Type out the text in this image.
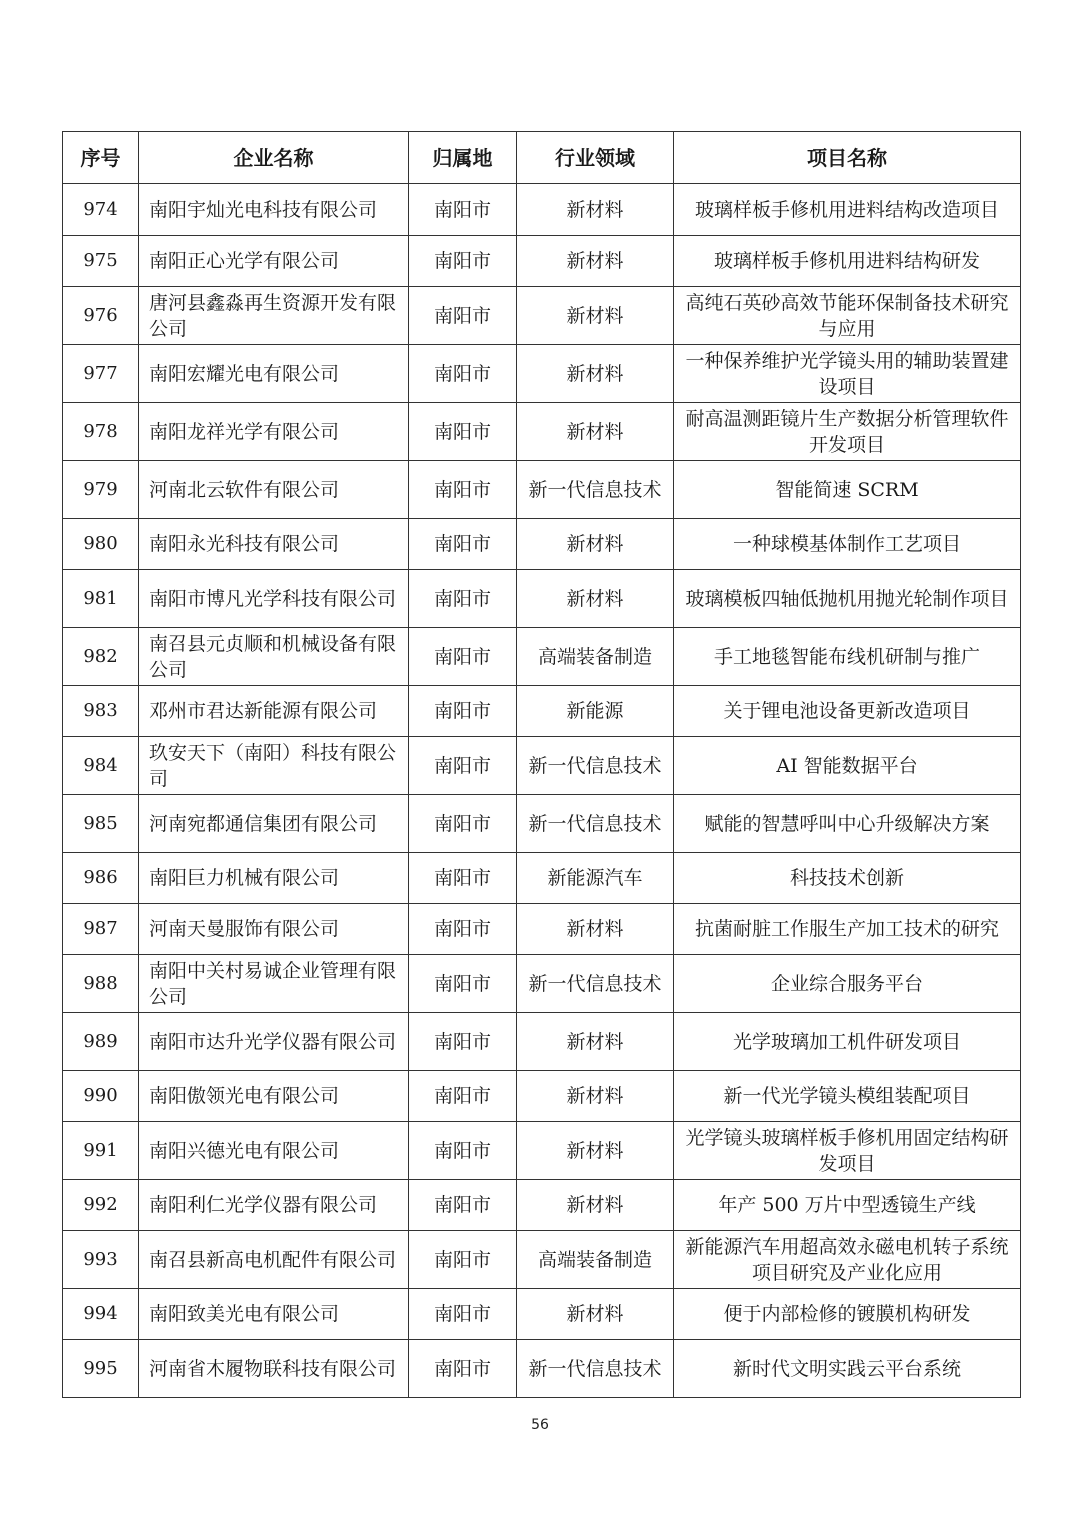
序号	企业名称	归属地	行业领域	项目名称
974	南阳宇灿光电科技有限公司	南阳市	新材料	玻璃样板手修机用进料结构改造项目
975	南阳正心光学有限公司	南阳市	新材料	玻璃样板手修机用进料结构研发
976	唐河县鑫淼再生资源开发有限公司	南阳市	新材料	高纯石英砂高效节能环保制备技术研究与应用
977	南阳宏耀光电有限公司	南阳市	新材料	一种保养维护光学镜头用的辅助装置建设项目
978	南阳龙祥光学有限公司	南阳市	新材料	耐高温测距镜片生产数据分析管理软件开发项目
979	河南北云软件有限公司	南阳市	新一代信息技术	智能简速 SCRM
980	南阳永光科技有限公司	南阳市	新材料	一种球模基体制作工艺项目
981	南阳市博凡光学科技有限公司	南阳市	新材料	玻璃模板四轴低抛机用抛光轮制作项目
982	南召县元贞顺和机械设备有限公司	南阳市	高端装备制造	手工地毯智能布线机研制与推广
983	邓州市君达新能源有限公司	南阳市	新能源	关于锂电池设备更新改造项目
984	玖安天下（南阳）科技有限公司	南阳市	新一代信息技术	AI 智能数据平台
985	河南宛都通信集团有限公司	南阳市	新一代信息技术	赋能的智慧呼叫中心升级解决方案
986	南阳巨力机械有限公司	南阳市	新能源汽车	科技技术创新
987	河南天曼服饰有限公司	南阳市	新材料	抗菌耐脏工作服生产加工技术的研究
988	南阳中关村易诚企业管理有限公司	南阳市	新一代信息技术	企业综合服务平台
989	南阳市达升光学仪器有限公司	南阳市	新材料	光学玻璃加工机件研发项目
990	南阳傲领光电有限公司	南阳市	新材料	新一代光学镜头模组装配项目
991	南阳兴德光电有限公司	南阳市	新材料	光学镜头玻璃样板手修机用固定结构研发项目
992	南阳利仁光学仪器有限公司	南阳市	新材料	年产 500 万片中型透镜生产线
993	南召县新高电机配件有限公司	南阳市	高端装备制造	新能源汽车用超高效永磁电机转子系统项目研究及产业化应用
994	南阳致美光电有限公司	南阳市	新材料	便于内部检修的镀膜机构研发
995	河南省木履物联科技有限公司	南阳市	新一代信息技术	新时代文明实践云平台系统
56
